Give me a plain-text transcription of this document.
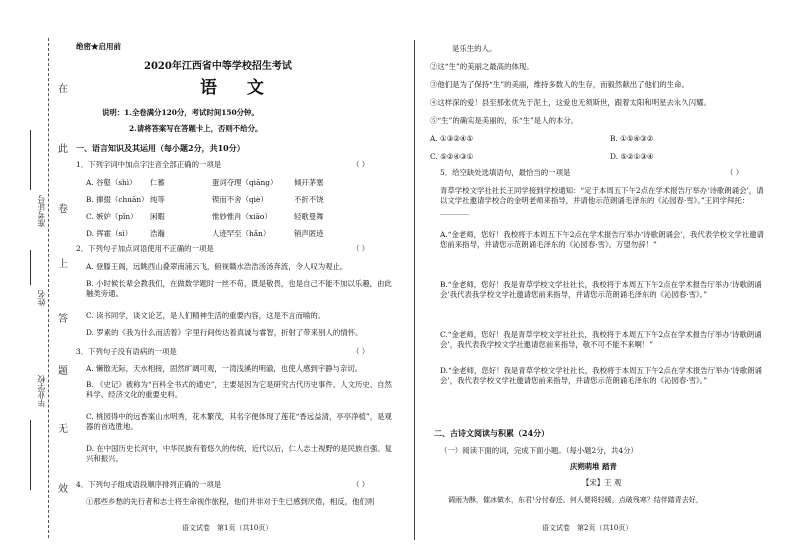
在
此
卷
上
答
题
无
效
准考证号
姓名
毕业学校
绝密★启用前
2020年江西省中等学校招生考试
语 文
说明：1.全卷满分120分，考试时间150分钟。
2.请将答案写在答题卡上，否则不给分。
一、语言知识及其运用（每小题2分，共10分）
1．下列字词中加点字注音全部正确的一项是	（ ）
A. 谷壑（shì） 仁蓄	蛋词夺理（qiāng） 倾开茅塞
B. 撺掇（chuān） 纯等	锲而不舍（qiè）	不折不饶
C. 嫉妒（pǐn） 闲暇	惟妙惟肖（xiāo）	轻歌曼舞
D. 挥霍（sì） 浩瀚	人迹罕至（hǎn）	销声匿迹
2．下列句子加点词语使用不正确的一项是	（ ）
A. 登滕王阁，远眺西山叠翠南浦云飞，俯视赣水浩浩汤汤奔流，令人叹为观止。
B. 小时候长辈会教我们，在做数学题时一丝不苟，既是敬畏，也是自己不能不加以乐趣，由此触类旁通。
C. 读书同学，谈文论艺，是人们精神生活的重要内容，这是不言而喻的。
D. 罗素的《我为什么而活着》字里行间传达着真诚与睿智，折射了带来别人的情怀。
3．下列句子没有语病的一项是	（ ）
A. 懒散无际，天水相接，固然旷阔可观，一湾浅溪的明澈，也使人感到宇静与亲切。
B. 《史记》被称为“百科全书式的通史”，主要是因为它是研究古代历史事件、人文历史、自然科学、经济文化的重要史料。
C. 桃园得中的远香案山水明秀，花木繁茂，其名字便体现了莲花“香远益清，亭亭净植”，是观器的首选胜地。
D. 在中国历史长河中，中华民族有着悠久的传统，近代以后，仁人志士视野的是民族自强、复兴和振兴。
4．下列句子组成语段顺序排列正确的一项是	（ ）
①那些乡愁的先行者和志士将生命视作旅程，他们并非对于生已感到厌倦，相反，他们则
语文试卷　第1页（共10页）
是乐生的人。
②这“生”的美丽之最高的体现。
③他们是为了保持“生”的美丽，维持多数人的生存，而毅然献出了他们的生命。
④这样深的爱！县至那张优先于泥土，这爱也无须斯世，跟着太阳和明星去永久闪耀。
⑤“生”的确实是美丽的，乐“生”是人的本分。
A. ①③②④⑤	B. ①⑤④③②
C. ⑤②④③①	D. ⑤②①③④
5．给空缺处选填语句，最恰当的一项是	（ ）
青草学校文学社社长王同学接到学校通知：“定于本周五下午2点在学术报告厅举办‘诗歌朗诵会’，请以文学社邀请学校合的金明老师来指导，并请他示范朗诵毛泽东的《沁园春·雪》。”王同学拜托：________
A.“金老师，您好！我校将于本周五下午2点在学术报告厅举办‘诗歌朗诵会’，我代表学校文学社邀请您前来指导，并请您示范朗诵毛泽东的《沁园春·雪》。万望勿辞！”
B.“金老师，您好！我是青草学校文学社社长，我校将于本周五下午2点在学术报告厅举办‘诗歌朗诵会’我代表我学校文学社邀请您前来指导，并请您示范朗诵毛泽东的《沁园春·雪》。”
C.“金老师，您好！我是青草学校文学社社长，我校将于本周五下午2点在学术报告厅举办‘诗歌朗诵会’，我代表我学校文学社邀请您前来指导，敬不可不能不来啊！”
D.“金老师，您好！我是青草学校文学社社长，我校将于本周五下午2点在学术报告厅举办‘诗歌朗诵会’，我代表学校文学社邀请您前来指导，并请您示范朗诵毛泽东的《沁园春·雪》。”
二、古诗文阅读与积累（24分）
（一）阅读下面的词，完成下面小题。（每小题2分，共4分）
庆朔萌堆 踏青
【宋】王 观
调雨为酥，催冰做水，东君¹分付春还。何人便将轻暖，点破残寒？结伴踏青去好，
语文试卷　第2页（共10页）
